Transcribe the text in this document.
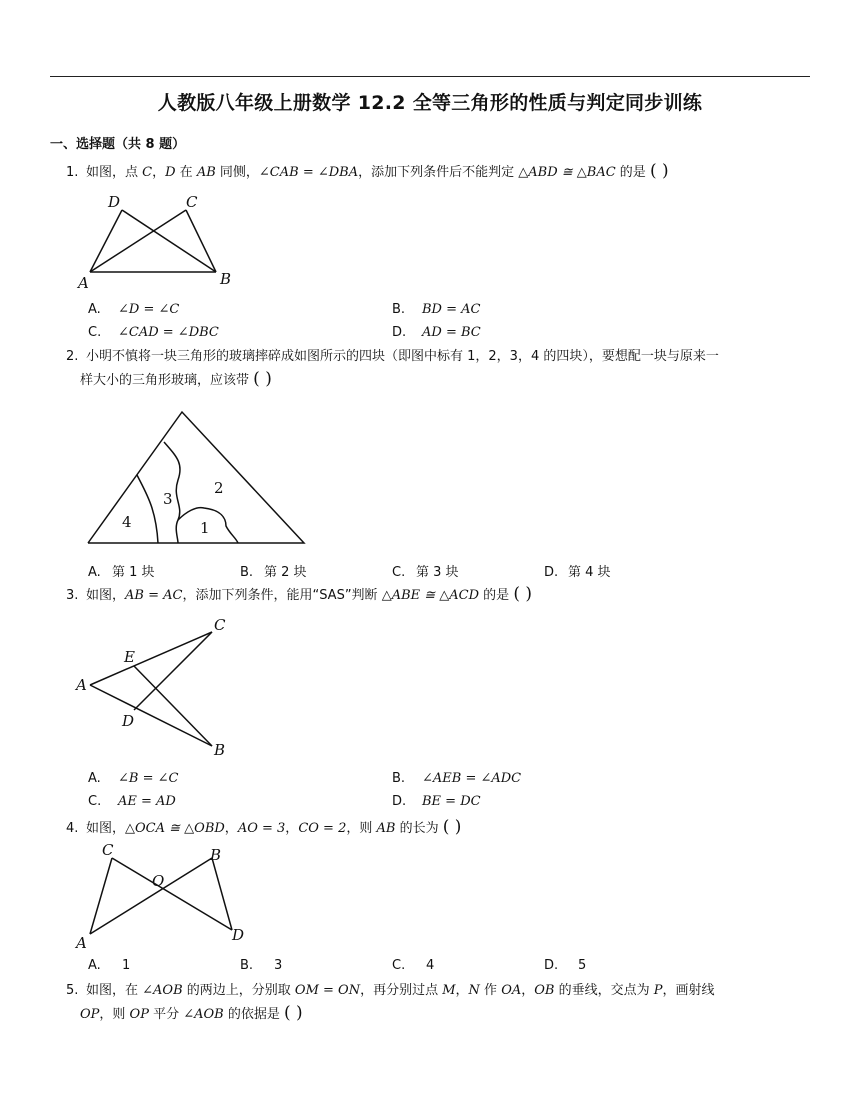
人教版八年级上册数学 12.2 全等三角形的性质与判定同步训练
一、选择题（共 8 题）
1. 如图，点 C，D 在 AB 同侧，∠CAB = ∠DBA，添加下列条件后不能判定 △ABD ≅ △BAC 的是 ( )
D	C
A	B
A. ∠D = ∠C	B. BD = AC
C. ∠CAD = ∠DBC	D. AD = BC
2. 小明不慎将一块三角形的玻璃摔碎成如图所示的四块（即图中标有 1，2，3，4 的四块），要想配一块与原来一
样大小的三角形玻璃，应该带 ( )
1
2
3
4
A. 第 1 块	B. 第 2 块	C. 第 3 块	D. 第 4 块
3. 如图，AB = AC，添加下列条件，能用“SAS”判断 △ABE ≅ △ACD 的是 ( )
C
E
A
D
B
A. ∠B = ∠C	B. ∠AEB = ∠ADC
C. AE = AD	D. BE = DC
4. 如图，△OCA ≅ △OBD，AO = 3，CO = 2，则 AB 的长为 ( )
C	B
O
A	D
A. 1	B. 3	C. 4	D. 5
5. 如图，在 ∠AOB 的两边上，分别取 OM = ON，再分别过点 M，N 作 OA，OB 的垂线，交点为 P，画射线
OP，则 OP 平分 ∠AOB 的依据是 ( )
